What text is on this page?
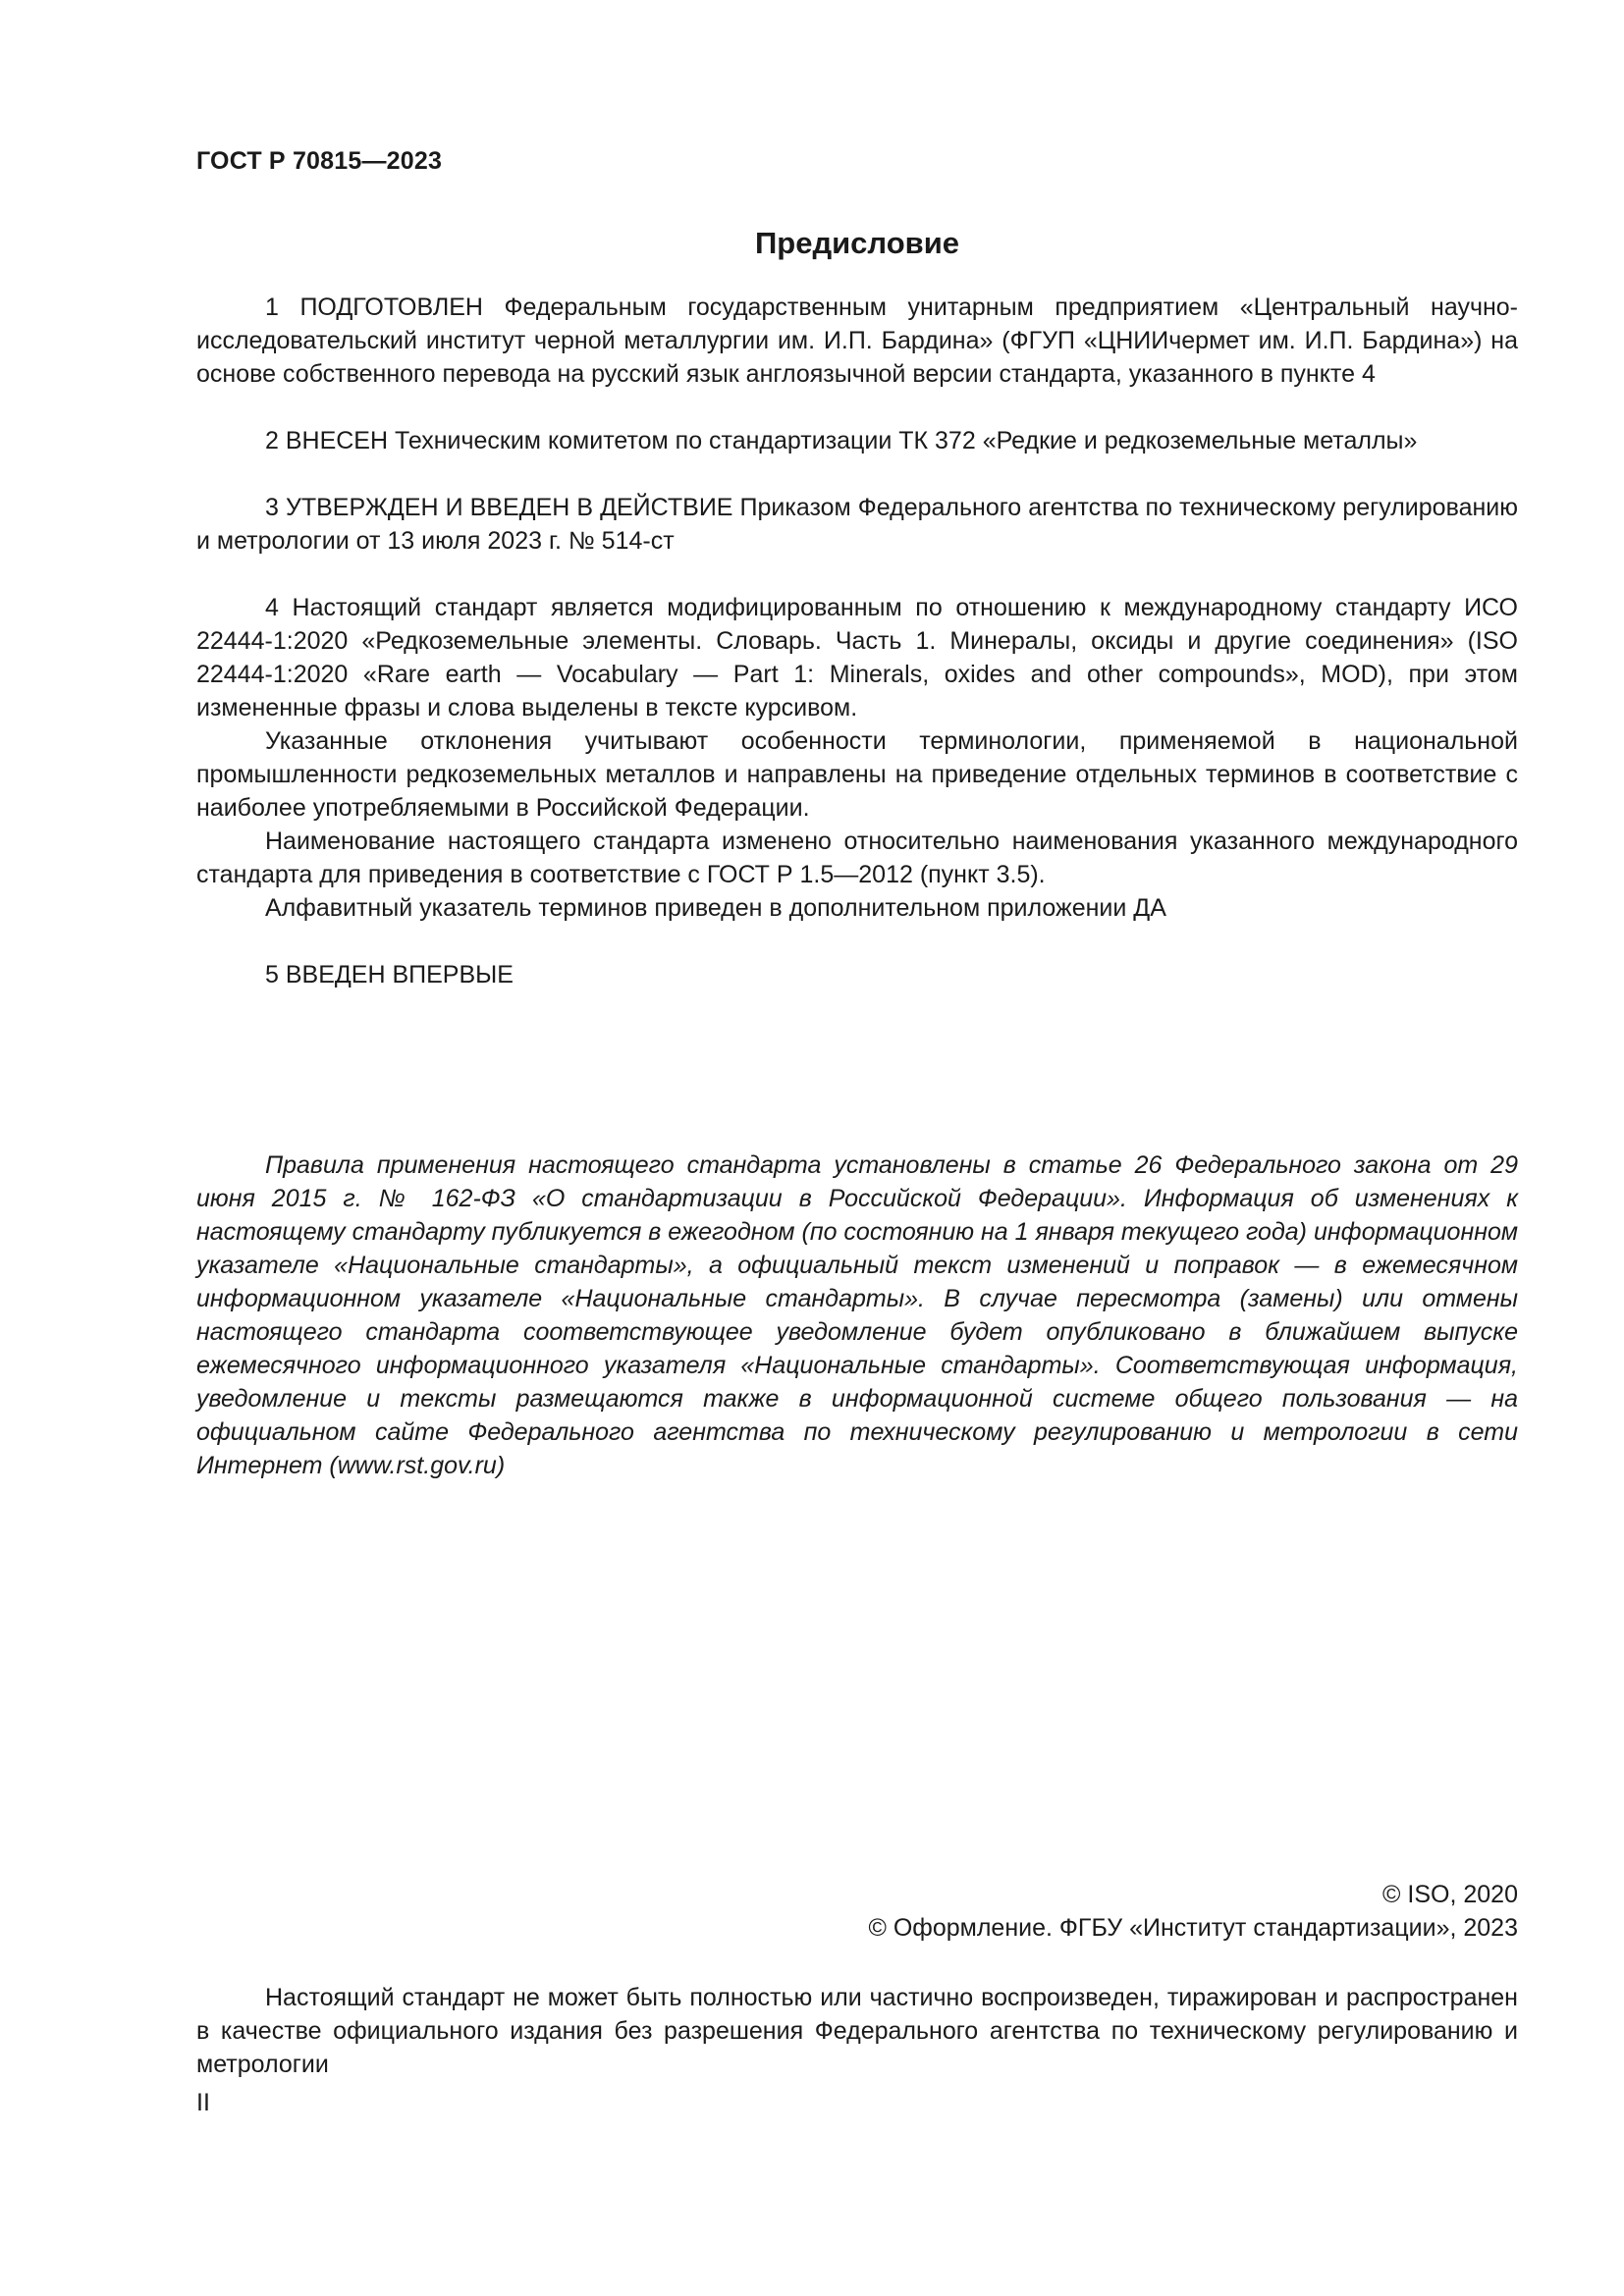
ГОСТ Р 70815—2023
Предисловие

1 ПОДГОТОВЛЕН Федеральным государственным унитарным предприятием «Центральный научно-исследовательский институт черной металлургии им. И.П. Бардина» (ФГУП «ЦНИИчермет им. И.П. Бардина») на основе собственного перевода на русский язык англоязычной версии стандарта, указанного в пункте 4

2 ВНЕСЕН Техническим комитетом по стандартизации ТК 372 «Редкие и редкоземельные металлы»

3 УТВЕРЖДЕН И ВВЕДЕН В ДЕЙСТВИЕ Приказом Федерального агентства по техническому регулированию и метрологии от 13 июля 2023 г. № 514-ст

4 Настоящий стандарт является модифицированным по отношению к международному стандарту ИСО 22444-1:2020 «Редкоземельные элементы. Словарь. Часть 1. Минералы, оксиды и другие соединения» (ISO 22444-1:2020 «Rare earth — Vocabulary — Part 1: Minerals, oxides and other compounds», MOD), при этом измененные фразы и слова выделены в тексте курсивом.

Указанные отклонения учитывают особенности терминологии, применяемой в национальной промышленности редкоземельных металлов и направлены на приведение отдельных терминов в соответствие с наиболее употребляемыми в Российской Федерации.

Наименование настоящего стандарта изменено относительно наименования указанного международного стандарта для приведения в соответствие с ГОСТ Р 1.5—2012 (пункт 3.5).

Алфавитный указатель терминов приведен в дополнительном приложении ДА

5 ВВЕДЕН ВПЕРВЫЕ

Правила применения настоящего стандарта установлены в статье 26 Федерального закона от 29 июня 2015 г. № 162-ФЗ «О стандартизации в Российской Федерации». Информация об изменениях к настоящему стандарту публикуется в ежегодном (по состоянию на 1 января текущего года) информационном указателе «Национальные стандарты», а официальный текст изменений и поправок — в ежемесячном информационном указателе «Национальные стандарты». В случае пересмотра (замены) или отмены настоящего стандарта соответствующее уведомление будет опубликовано в ближайшем выпуске ежемесячного информационного указателя «Национальные стандарты». Соответствующая информация, уведомление и тексты размещаются также в информационной системе общего пользования — на официальном сайте Федерального агентства по техническому регулированию и метрологии в сети Интернет (www.rst.gov.ru)

© ISO, 2020
© Оформление. ФГБУ «Институт стандартизации», 2023

Настоящий стандарт не может быть полностью или частично воспроизведен, тиражирован и распространен в качестве официального издания без разрешения Федерального агентства по техническому регулированию и метрологии

II
